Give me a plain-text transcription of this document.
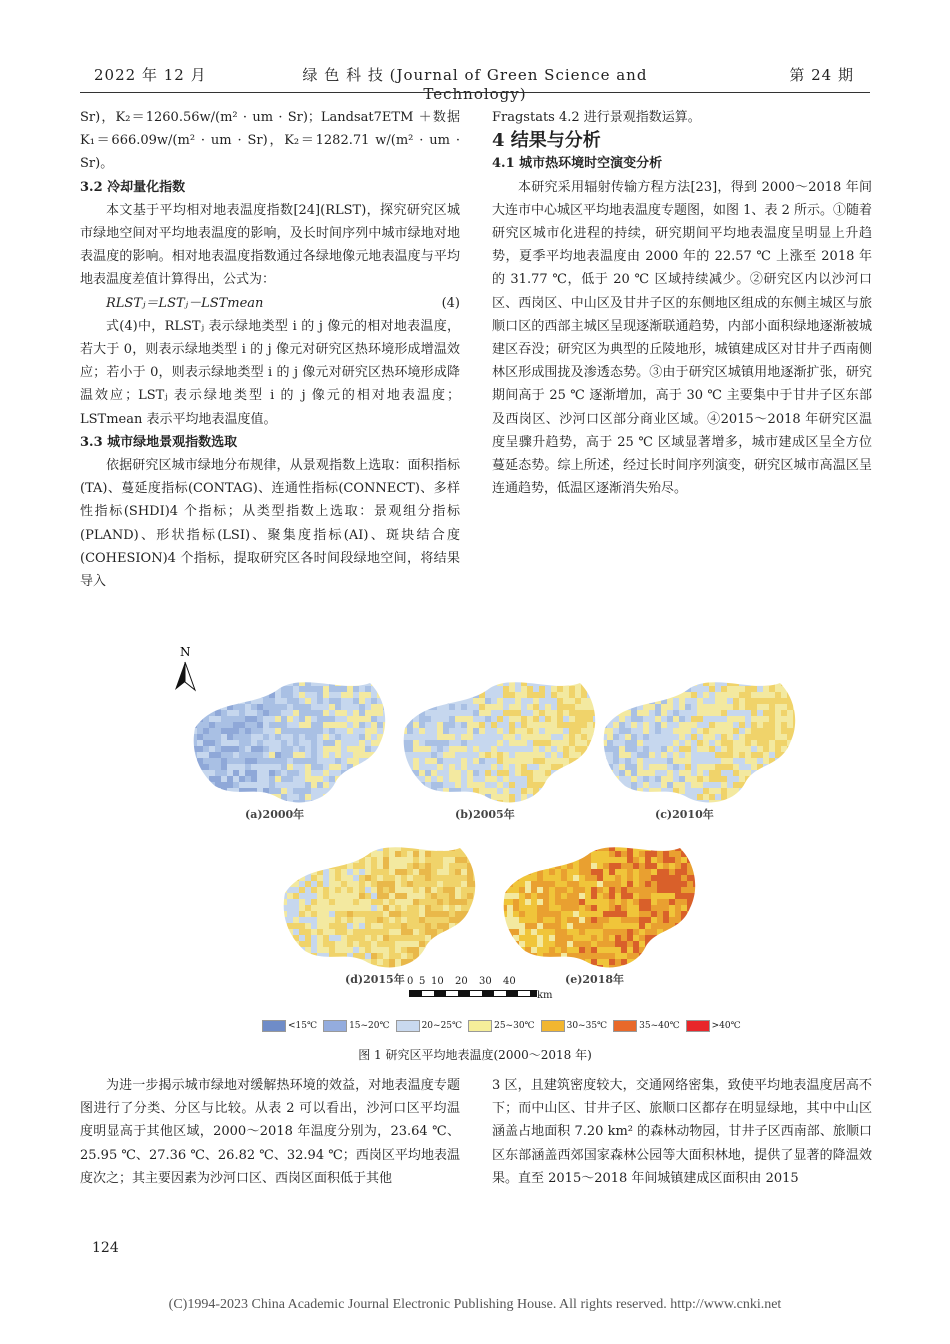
2022 年 12 月	绿 色 科 技 (Journal of Green Science and Technology)
第 24 期

Sr)，K₂＝1260.56w/(m² · um · Sr)；Landsat7ETM ＋数据 K₁＝666.09w/(m² · um · Sr)，K₂＝1282.71 w/(m² · um · Sr)。

3.2 冷却量化指数

本文基于平均相对地表温度指数[24](RLST)，探究研究区城市绿地空间对平均地表温度的影响，及长时间序列中城市绿地对地表温度的影响。相对地表温度指数通过各绿地像元地表温度与平均地表温度差值计算得出，公式为：

RLSTⱼ＝LSTⱼ－LSTmean	(4)

式(4)中，RLSTⱼ 表示绿地类型 i 的 j 像元的相对地表温度，若大于 0，则表示绿地类型 i 的 j 像元对研究区热环境形成增温效应；若小于 0，则表示绿地类型 i 的 j 像元对研究区热环境形成降温效应；LSTⱼ 表示绿地类型 i 的 j 像元的相对地表温度；LSTmean 表示平均地表温度值。

3.3 城市绿地景观指数选取

依据研究区城市绿地分布规律，从景观指数上选取：面积指标(TA)、蔓延度指标(CONTAG)、连通性指标(CONNECT)、多样性指标(SHDI)4 个指标；从类型指数上选取：景观组分指标(PLAND)、形状指标(LSI)、聚集度指标(AI)、斑块结合度(COHESION)4 个指标，提取研究区各时间段绿地空间，将结果导入

Fragstats 4.2 进行景观指数运算。

4 结果与分析

4.1 城市热环境时空演变分析

本研究采用辐射传输方程方法[23]，得到 2000～2018 年间大连市中心城区平均地表温度专题图，如图 1、表 2 所示。①随着研究区城市化进程的持续，研究期间平均地表温度呈明显上升趋势，夏季平均地表温度由 2000 年的 22.57 ℃ 上涨至 2018 年的 31.77 ℃，低于 20 ℃ 区域持续减少。②研究区内以沙河口区、西岗区、中山区及甘井子区的东侧地区组成的东侧主城区与旅顺口区的西部主城区呈现逐渐联通趋势，内部小面积绿地逐渐被城建区吞没；研究区为典型的丘陵地形，城镇建成区对甘井子西南侧林区形成围拢及渗透态势。③由于研究区城镇用地逐渐扩张，研究期间高于 25 ℃ 逐渐增加，高于 30 ℃ 主要集中于甘井子区东部及西岗区、沙河口区部分商业区域。④2015～2018 年研究区温度呈骤升趋势，高于 25 ℃ 区域显著增多，城市建成区呈全方位蔓延态势。综上所述，经过长时间序列演变，研究区城市高温区呈连通趋势，低温区逐渐消失殆尽。

N
(a)2000年	(b)2005年	(c)2010年
(d)2015年	(e)2018年
0 5 10 20 30 40
km
<15℃	15~20℃	20~25℃	25~30℃	30~35℃	35~40℃	>40℃
图 1 研究区平均地表温度(2000～2018 年)

为进一步揭示城市绿地对缓解热环境的效益，对地表温度专题图进行了分类、分区与比较。从表 2 可以看出，沙河口区平均温度明显高于其他区域，2000～2018 年温度分别为，23.64 ℃、25.95 ℃、27.36 ℃、26.82 ℃、32.94 ℃；西岗区平均地表温度次之；其主要因素为沙河口区、西岗区面积低于其他

3 区，且建筑密度较大，交通网络密集，致使平均地表温度居高不下；而中山区、甘井子区、旅顺口区都存在明显绿地，其中中山区涵盖占地面积 7.20 km² 的森林动物园，甘井子区西南部、旅顺口区东部涵盖西郊国家森林公园等大面积林地，提供了显著的降温效果。直至 2015～2018 年间城镇建成区面积由 2015

124
(C)1994-2023 China Academic Journal Electronic Publishing House. All rights reserved. http://www.cnki.net
